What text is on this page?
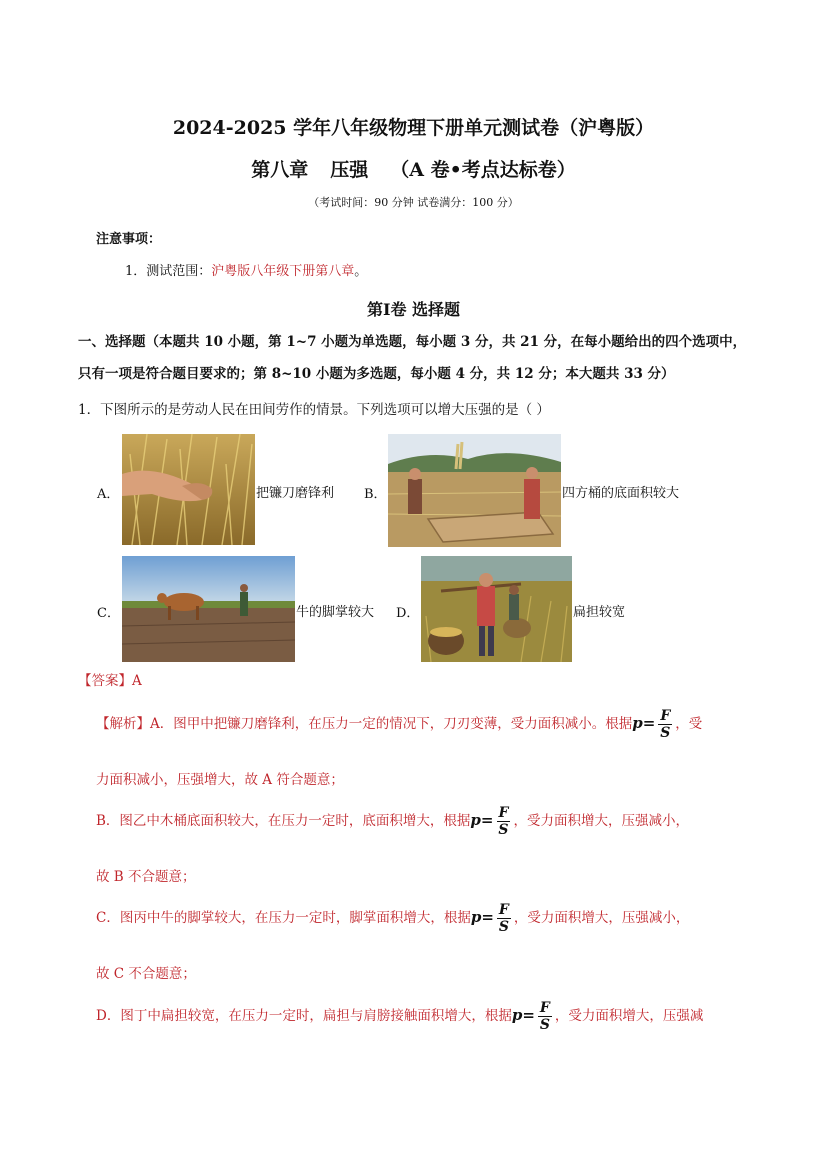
2024-2025 学年八年级物理下册单元测试卷（沪粤版）
第八章 压强 （A 卷•考点达标卷）
（考试时间：90 分钟 试卷满分：100 分）
注意事项：
1．测试范围：沪粤版八年级下册第八章。
第Ⅰ卷 选择题
一、选择题（本题共 10 小题，第 1~7 小题为单选题，每小题 3 分，共 21 分，在每小题给出的四个选项中，
只有一项是符合题目要求的；第 8~10 小题为多选题，每小题 4 分，共 12 分；本大题共 33 分）
1．下图所示的是劳动人民在田间劳作的情景。下列选项可以增大压强的是（ ）
A．	把镰刀磨锋利 B．	四方桶的底面积较大
C．	牛的脚掌较大 D．	扁担较宽
【答案】A
【解析】A．图甲中把镰刀磨锋利，在压力一定的情况下，刀刃变薄，受力面积减小。根据$p= \frac{F}{S}$ ，受
力面积减小，压强增大，故 A 符合题意；
B．图乙中木桶底面积较大，在压力一定时，底面积增大，根据$p= \frac{F}{S}$ ，受力面积增大，压强减小，
故 B 不合题意；
C．图丙中牛的脚掌较大，在压力一定时，脚掌面积增大，根据$p= \frac{F}{S}$ ，受力面积增大，压强减小，
故 C 不合题意；
D．图丁中扁担较宽，在压力一定时，扁担与肩膀接触面积增大，根据$p= \frac{F}{S}$ ，受力面积增大，压强减
